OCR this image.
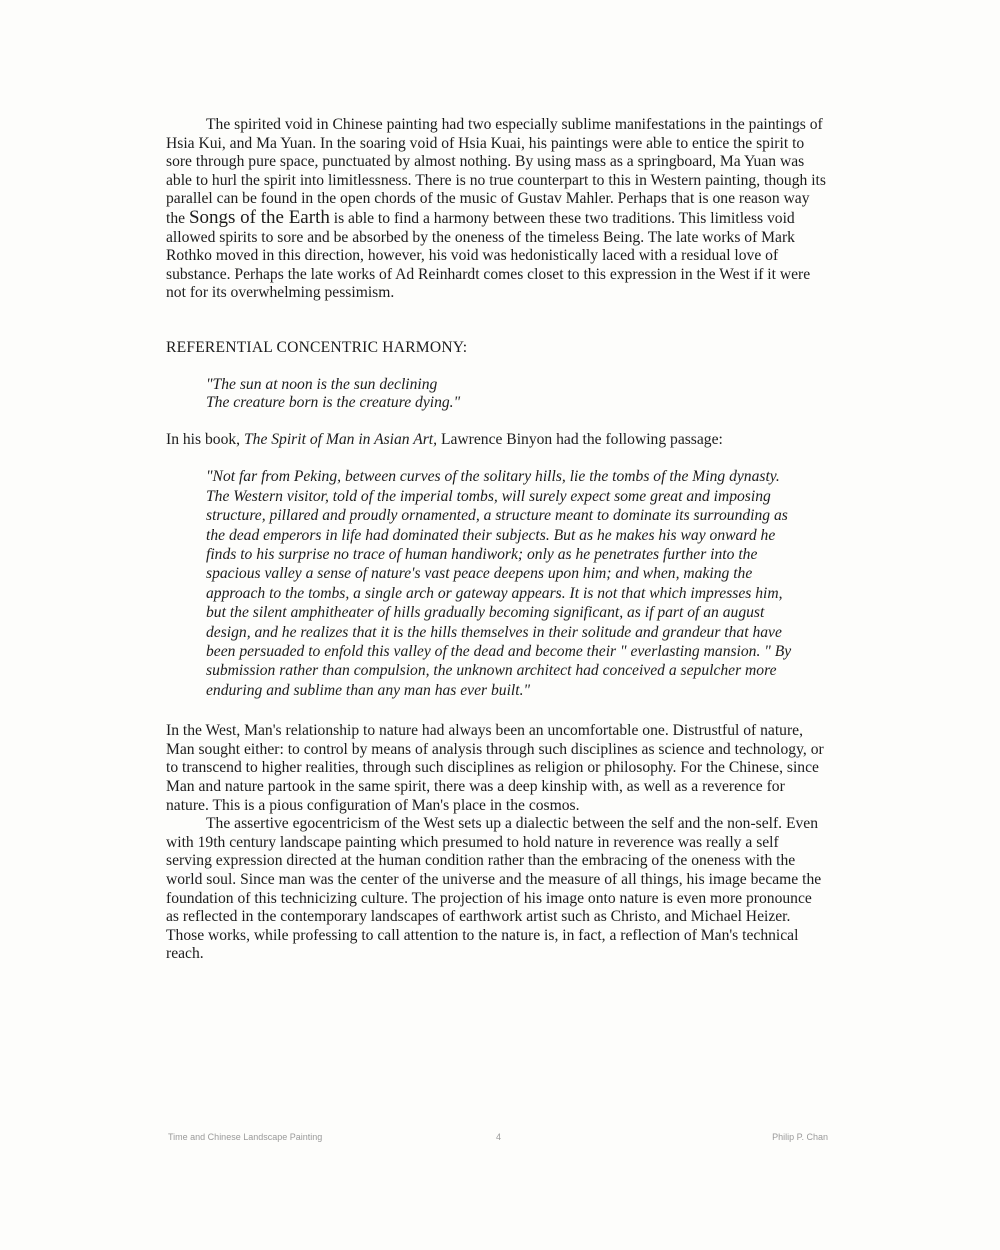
The spirited void in Chinese painting had two especially sublime manifestations in the paintings of Hsia Kui, and Ma Yuan. In the soaring void of Hsia Kuai, his paintings were able to entice the spirit to sore through pure space, punctuated by almost nothing. By using mass as a springboard, Ma Yuan was able to hurl the spirit into limitlessness. There is no true counterpart to this in Western painting, though its parallel can be found in the open chords of the music of Gustav Mahler. Perhaps that is one reason way the Songs of the Earth is able to find a harmony between these two traditions. This limitless void allowed spirits to sore and be absorbed by the oneness of the timeless Being. The late works of Mark Rothko moved in this direction, however, his void was hedonistically laced with a residual love of substance. Perhaps the late works of Ad Reinhardt comes closet to this expression in the West if it were not for its overwhelming pessimism.

REFERENTIAL CONCENTRIC HARMONY:

"The sun at noon is the sun declining
The creature born is the creature dying."

In his book, The Spirit of Man in Asian Art, Lawrence Binyon had the following passage:

"Not far from Peking, between curves of the solitary hills, lie the tombs of the Ming dynasty. The Western visitor, told of the imperial tombs, will surely expect some great and imposing structure, pillared and proudly ornamented, a structure meant to dominate its surrounding as the dead emperors in life had dominated their subjects. But as he makes his way onward he finds to his surprise no trace of human handiwork; only as he penetrates further into the spacious valley a sense of nature's vast peace deepens upon him; and when, making the approach to the tombs, a single arch or gateway appears. It is not that which impresses him, but the silent amphitheater of hills gradually becoming significant, as if part of an august design, and he realizes that it is the hills themselves in their solitude and grandeur that have been persuaded to enfold this valley of the dead and become their " everlasting mansion. " By submission rather than compulsion, the unknown architect had conceived a sepulcher more enduring and sublime than any man has ever built."

In the West, Man's relationship to nature had always been an uncomfortable one. Distrustful of nature, Man sought either: to control by means of analysis through such disciplines as science and technology, or to transcend to higher realities, through such disciplines as religion or philosophy. For the Chinese, since Man and nature partook in the same spirit, there was a deep kinship with, as well as a reverence for nature. This is a pious configuration of Man's place in the cosmos.

The assertive egocentricism of the West sets up a dialectic between the self and the non-self. Even with 19th century landscape painting which presumed to hold nature in reverence was really a self serving expression directed at the human condition rather than the embracing of the oneness with the world soul. Since man was the center of the universe and the measure of all things, his image became the foundation of this technicizing culture. The projection of his image onto nature is even more pronounce as reflected in the contemporary landscapes of earthwork artist such as Christo, and Michael Heizer. Those works, while professing to call attention to the nature is, in fact, a reflection of Man's technical reach.

Time and Chinese Landscape Painting	4	Philip P. Chan
